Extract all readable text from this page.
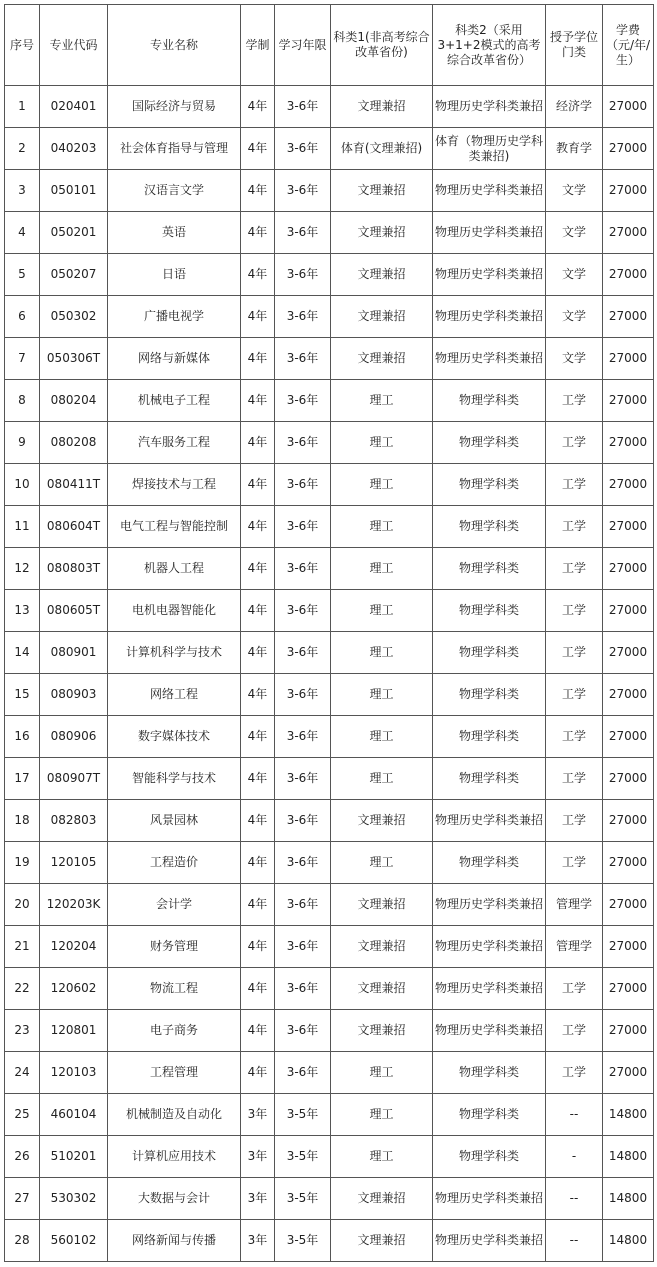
序号	专业代码	专业名称	学制	学习年限	科类1(非高考综合改革省份)	科类2（采用3+1+2模式的高考综合改革省份）	授予学位门类	学费（元/年/生）
1	020401	国际经济与贸易	4年	3-6年	文理兼招	物理历史学科类兼招	经济学	27000
2	040203	社会体育指导与管理	4年	3-6年	体育(文理兼招)	体育（物理历史学科类兼招)	教育学	27000
3	050101	汉语言文学	4年	3-6年	文理兼招	物理历史学科类兼招	文学	27000
4	050201	英语	4年	3-6年	文理兼招	物理历史学科类兼招	文学	27000
5	050207	日语	4年	3-6年	文理兼招	物理历史学科类兼招	文学	27000
6	050302	广播电视学	4年	3-6年	文理兼招	物理历史学科类兼招	文学	27000
7	050306T	网络与新媒体	4年	3-6年	文理兼招	物理历史学科类兼招	文学	27000
8	080204	机械电子工程	4年	3-6年	理工	物理学科类	工学	27000
9	080208	汽车服务工程	4年	3-6年	理工	物理学科类	工学	27000
10	080411T	焊接技术与工程	4年	3-6年	理工	物理学科类	工学	27000
11	080604T	电气工程与智能控制	4年	3-6年	理工	物理学科类	工学	27000
12	080803T	机器人工程	4年	3-6年	理工	物理学科类	工学	27000
13	080605T	电机电器智能化	4年	3-6年	理工	物理学科类	工学	27000
14	080901	计算机科学与技术	4年	3-6年	理工	物理学科类	工学	27000
15	080903	网络工程	4年	3-6年	理工	物理学科类	工学	27000
16	080906	数字媒体技术	4年	3-6年	理工	物理学科类	工学	27000
17	080907T	智能科学与技术	4年	3-6年	理工	物理学科类	工学	27000
18	082803	风景园林	4年	3-6年	文理兼招	物理历史学科类兼招	工学	27000
19	120105	工程造价	4年	3-6年	理工	物理学科类	工学	27000
20	120203K	会计学	4年	3-6年	文理兼招	物理历史学科类兼招	管理学	27000
21	120204	财务管理	4年	3-6年	文理兼招	物理历史学科类兼招	管理学	27000
22	120602	物流工程	4年	3-6年	文理兼招	物理历史学科类兼招	工学	27000
23	120801	电子商务	4年	3-6年	文理兼招	物理历史学科类兼招	工学	27000
24	120103	工程管理	4年	3-6年	理工	物理学科类	工学	27000
25	460104	机械制造及自动化	3年	3-5年	理工	物理学科类	--	14800
26	510201	计算机应用技术	3年	3-5年	理工	物理学科类	-	14800
27	530302	大数据与会计	3年	3-5年	文理兼招	物理历史学科类兼招	--	14800
28	560102	网络新闻与传播	3年	3-5年	文理兼招	物理历史学科类兼招	--	14800
